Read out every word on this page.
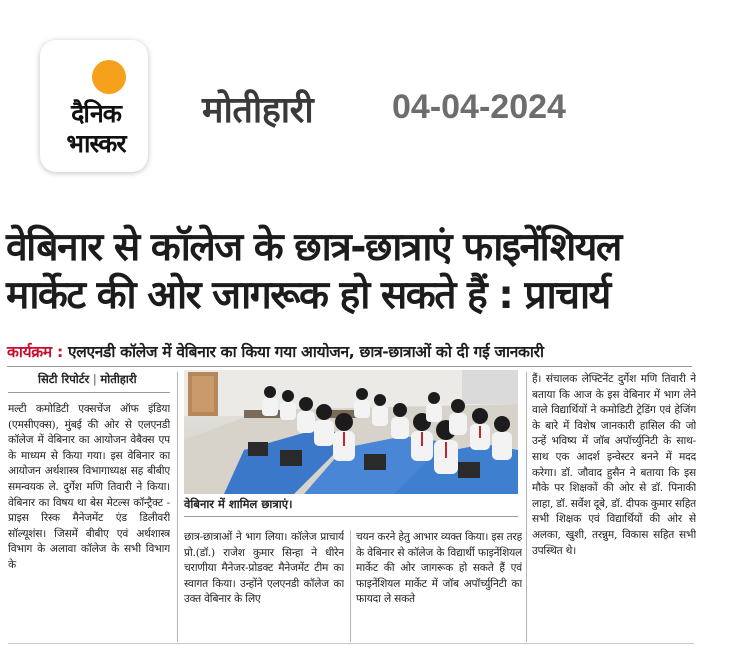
दैनिक
भास्कर
मोतीहारी 04-04-2024
वेबिनार से कॉलेज के छात्र-छात्राएं फाइनेंशियल मार्केट की ओर जागरूक हो सकते हैं : प्राचार्य
कार्यक्रम : एलएनडी कॉलेज में वेबिनार का किया गया आयोजन, छात्र-छात्राओं को दी गई जानकारी
सिटी रिपोर्टर | मोतीहारी
मल्टी कमोडिटी एक्सचेंज ऑफ इंडिया (एमसीएक्स), मुंबई की ओर से एलएनडी कॉलेज में वेबिनार का आयोजन वेबैक्स एप के माध्यम से किया गया। इस वेबिनार का आयोजन अर्थशास्त्र विभागाध्यक्ष सह बीबीए समन्वयक ले. दुर्गेश मणि तिवारी ने किया। वेबिनार का विषय था बेस मेटल्स कॉन्ट्रैक्ट - प्राइस रिस्क मैनेजमेंट एंड डिलीवरी सॉल्यूशंस। जिसमें बीबीए एवं अर्थशास्त्र विभाग के अलावा कॉलेज के सभी विभाग के
वेबिनार में शामिल छात्राएं।
छात्र-छात्राओं ने भाग लिया। कॉलेज प्राचार्य प्रो.(डॉ.) राजेश कुमार सिन्हा ने धीरेन चराणीया मैनेजर-प्रोडक्ट मैनेजमेंट टीम का स्वागत किया। उन्होंने एलएनडी कॉलेज का उक्त वेबिनार के लिए
चयन करने हेतु आभार व्यक्त किया। इस तरह के वेबिनार से कॉलेज के विद्यार्थी फाइनेंशियल मार्केट की ओर जागरूक हो सकते हैं एवं फाइनेंशियल मार्केट में जॉब अपॉर्च्युनिटी का फायदा ले सकते
हैं। संचालक लेफ्टिनेंट दुर्गेश मणि तिवारी ने बताया कि आज के इस वेबिनार में भाग लेने वाले विद्यार्थियों ने कमोडिटी ट्रेडिंग एवं हेजिंग के बारे में विशेष जानकारी हासिल की जो उन्हें भविष्य में जॉब अपॉर्च्युनिटी के साथ-साथ एक आदर्श इन्वेस्टर बनने में मदद करेगा। डॉ. जौवाद हुसैन ने बताया कि इस मौके पर शिक्षकों की ओर से डॉ. पिनाकी लाहा, डॉ. सर्वेश दूबे, डॉ. दीपक कुमार सहित सभी शिक्षक एवं विद्यार्थियों की ओर से अलका, खुशी, तरन्नुम, विकास सहित सभी उपस्थित थे।
